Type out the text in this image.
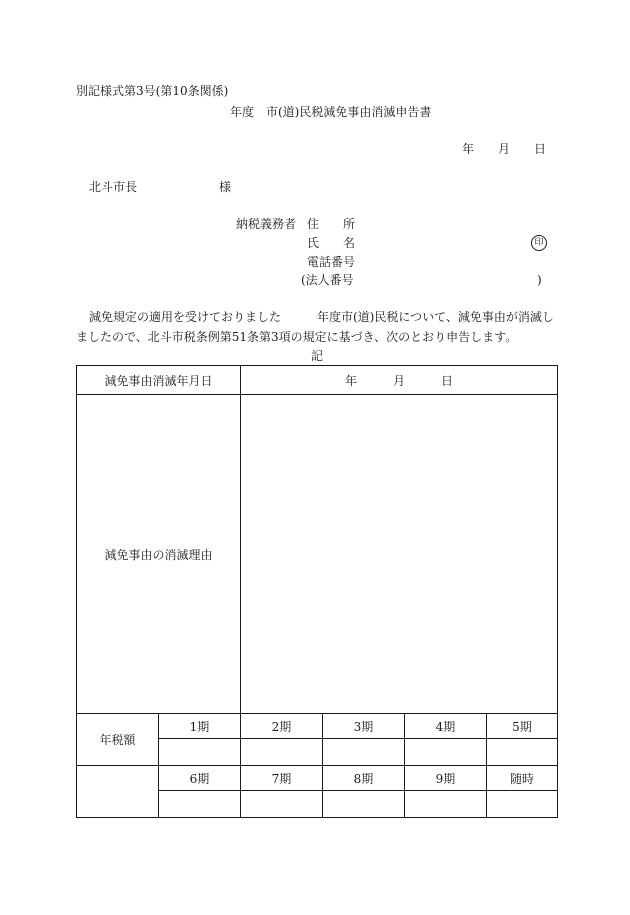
別記様式第3号(第10条関係)
年度　市(道)民税減免事由消滅申告書
年 月 日
北斗市長	様
納税義務者 住　　所
氏　　名	印
電話番号
(法人番号	)
減免規定の適用を受けておりました　　　年度市(道)民税について、減免事由が消滅し
ましたので、北斗市税条例第51条第3項の規定に基づき、次のとおり申告します。
記
減免事由消滅年月日		年　　　月　　　日			
減免事由の消滅理由					
年税額	1期	2期	3期	4期	5期

	6期	7期	8期	9期	随時
